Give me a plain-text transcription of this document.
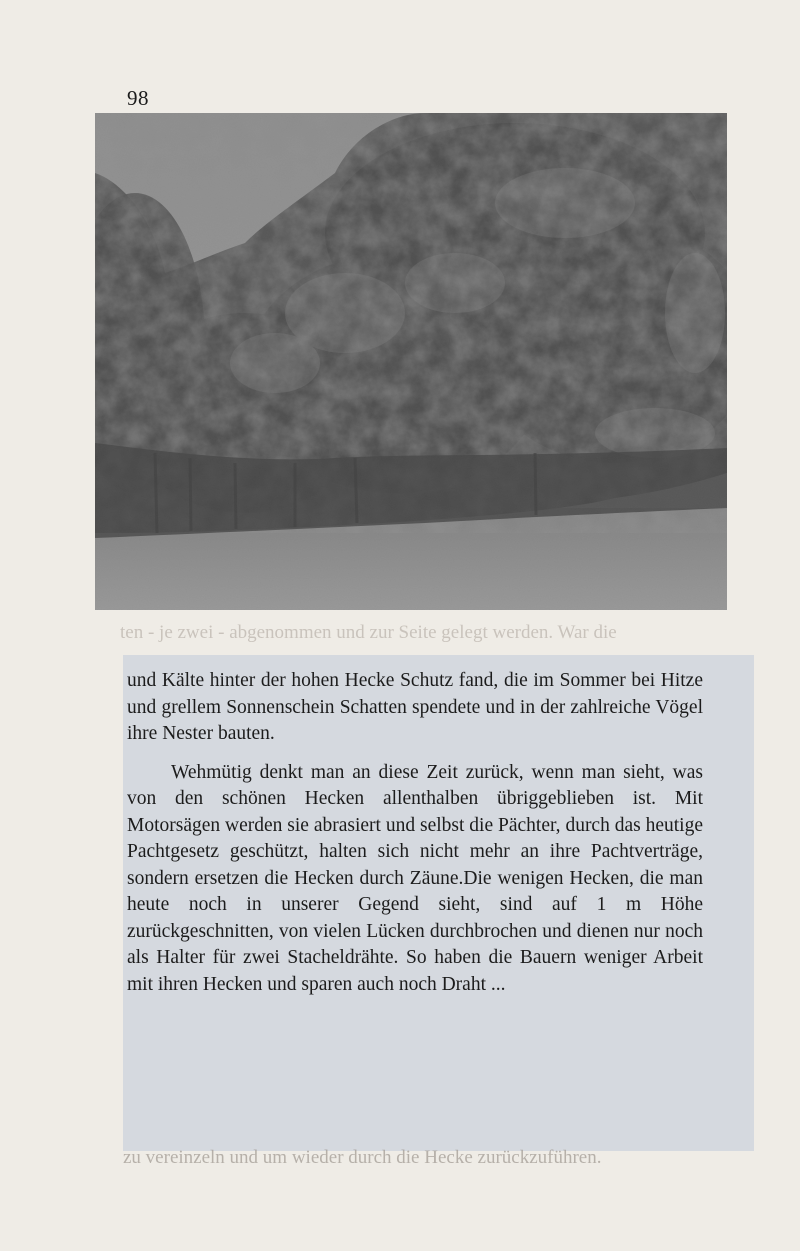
98
ten - je zwei - abgenommen und zur Seite gelegt werden. War die

und Kälte hinter der hohen Hecke Schutz fand, die im Sommer bei Hitze und grellem Sonnenschein Schatten spendete und in der zahlreiche Vögel ihre Nester bauten.

Wehmütig denkt man an diese Zeit zurück, wenn man sieht, was von den schönen Hecken allenthalben übriggeblieben ist. Mit Motorsägen werden sie abrasiert und selbst die Pächter, durch das heutige Pachtgesetz geschützt, halten sich nicht mehr an ihre Pachtverträge, sondern ersetzen die Hecken durch Zäune.Die wenigen Hecken, die man heute noch in unserer Gegend sieht, sind auf 1 m Höhe zurückgeschnitten, von vielen Lücken durchbrochen und dienen nur noch als Halter für zwei Stacheldrähte. So haben die Bauern weniger Arbeit mit ihren Hecken und sparen auch noch Draht ...

zu vereinzeln und um wieder durch die Hecke zurückzuführen.
